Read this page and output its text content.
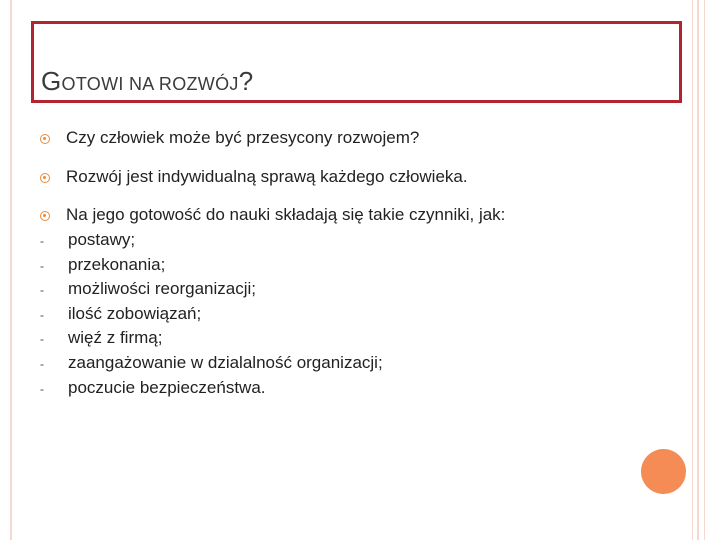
GOTOWI NA ROZWÓJ?
Czy człowiek może być przesycony rozwojem?
Rozwój jest indywidualną sprawą każdego człowieka.
Na jego gotowość do nauki składają się takie czynniki, jak:
-	postawy;
-	przekonania;
-	możliwości reorganizacji;
-	ilość zobowiązań;
-	więź z firmą;
-	zaangażowanie w dzialalność organizacji;
-	poczucie bezpieczeństwa.
